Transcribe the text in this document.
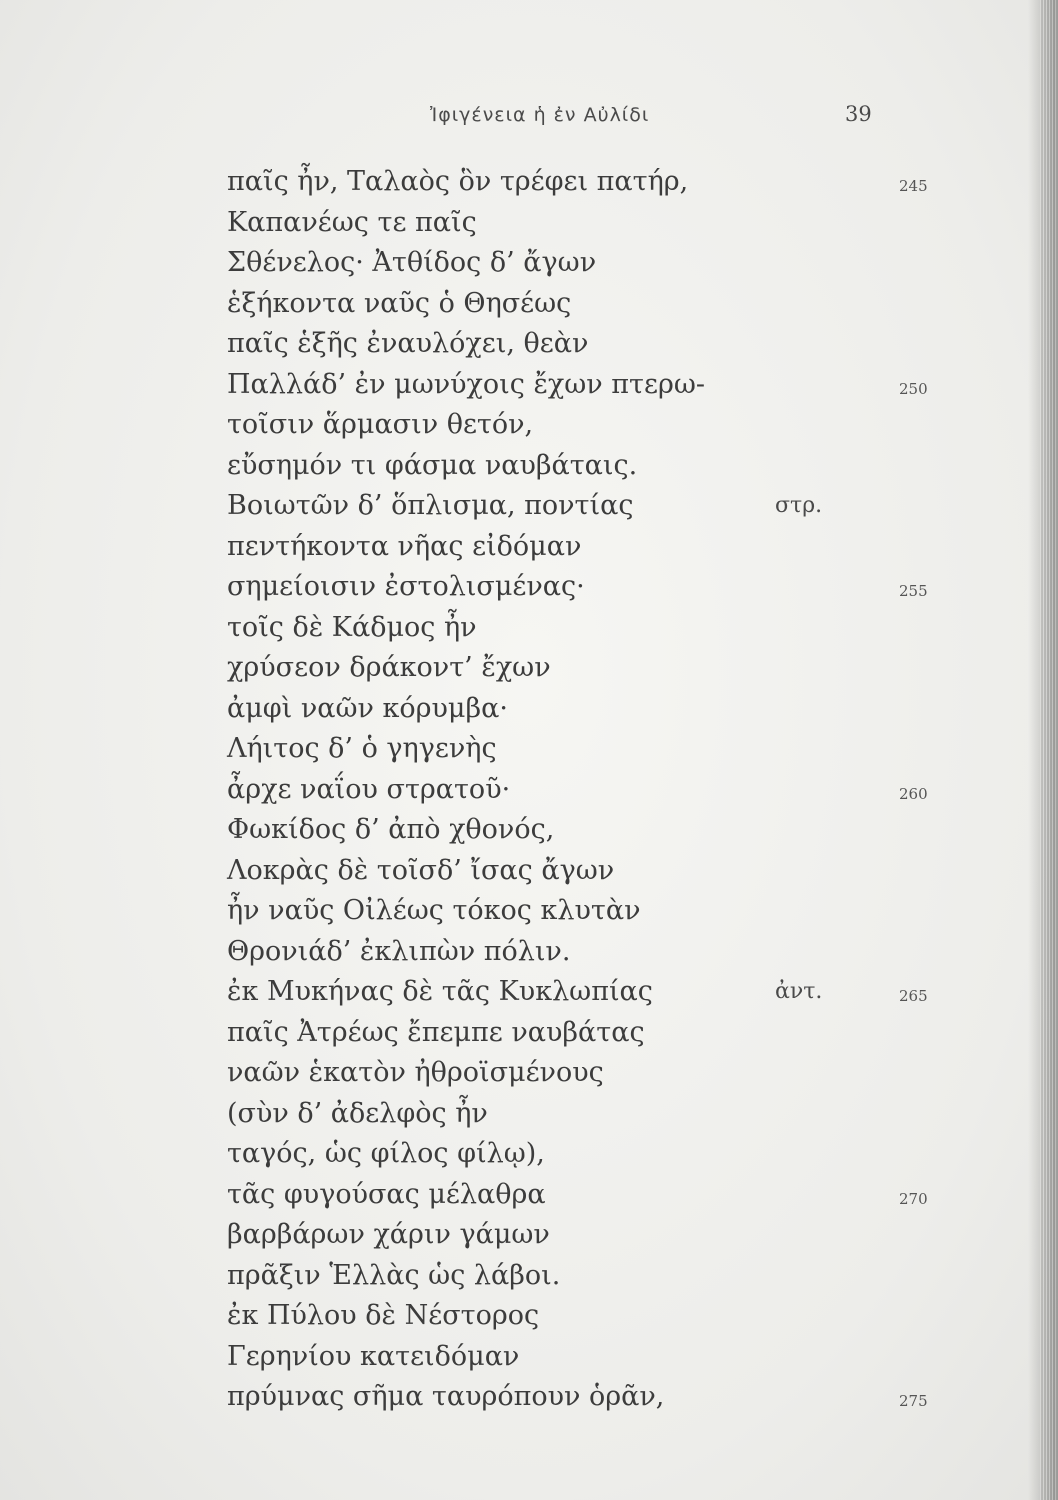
Ἰφιγένεια ἡ ἐν Αὐλίδι	39
παῖς ἦν, Ταλαὸς ὃν τρέφει πατήρ,	245
Καπανέως τε παῖς
Σθένελος· Ἀτθίδος δ’ ἄγων
ἑξήκοντα ναῦς ὁ Θησέως
παῖς ἑξῆς ἐναυλόχει, θεὰν
Παλλάδ’ ἐν μωνύχοις ἔχων πτερω-	250
τοῖσιν ἅρμασιν θετόν,
εὔσημόν τι φάσμα ναυβάταις.
Βοιωτῶν δ’ ὅπλισμα, ποντίας	στρ.
πεντήκοντα νῆας εἰδόμαν
σημείοισιν ἐστολισμένας·	255
τοῖς δὲ Κάδμος ἦν
χρύσεον δράκοντ’ ἔχων
ἀμφὶ ναῶν κόρυμβα·
Λήιτος δ’ ὁ γηγενὴς
ἆρχε ναΐου στρατοῦ·	260
Φωκίδος δ’ ἀπὸ χθονός,
Λοκρὰς δὲ τοῖσδ’ ἴσας ἄγων
ἦν ναῦς Οἰλέως τόκος κλυτὰν
Θρονιάδ’ ἐκλιπὼν πόλιν.
ἐκ Μυκήνας δὲ τᾶς Κυκλωπίας	ἀντ.	265
παῖς Ἀτρέως ἔπεμπε ναυβάτας
ναῶν ἑκατὸν ἠθροϊσμένους
(σὺν δ’ ἀδελφὸς ἦν
ταγός, ὡς φίλος φίλῳ),
τᾶς φυγούσας μέλαθρα	270
βαρβάρων χάριν γάμων
πρᾶξιν Ἑλλὰς ὡς λάβοι.
ἐκ Πύλου δὲ Νέστορος
Γερηνίου κατειδόμαν
πρύμνας σῆμα ταυρόπουν ὁρᾶν,	275
